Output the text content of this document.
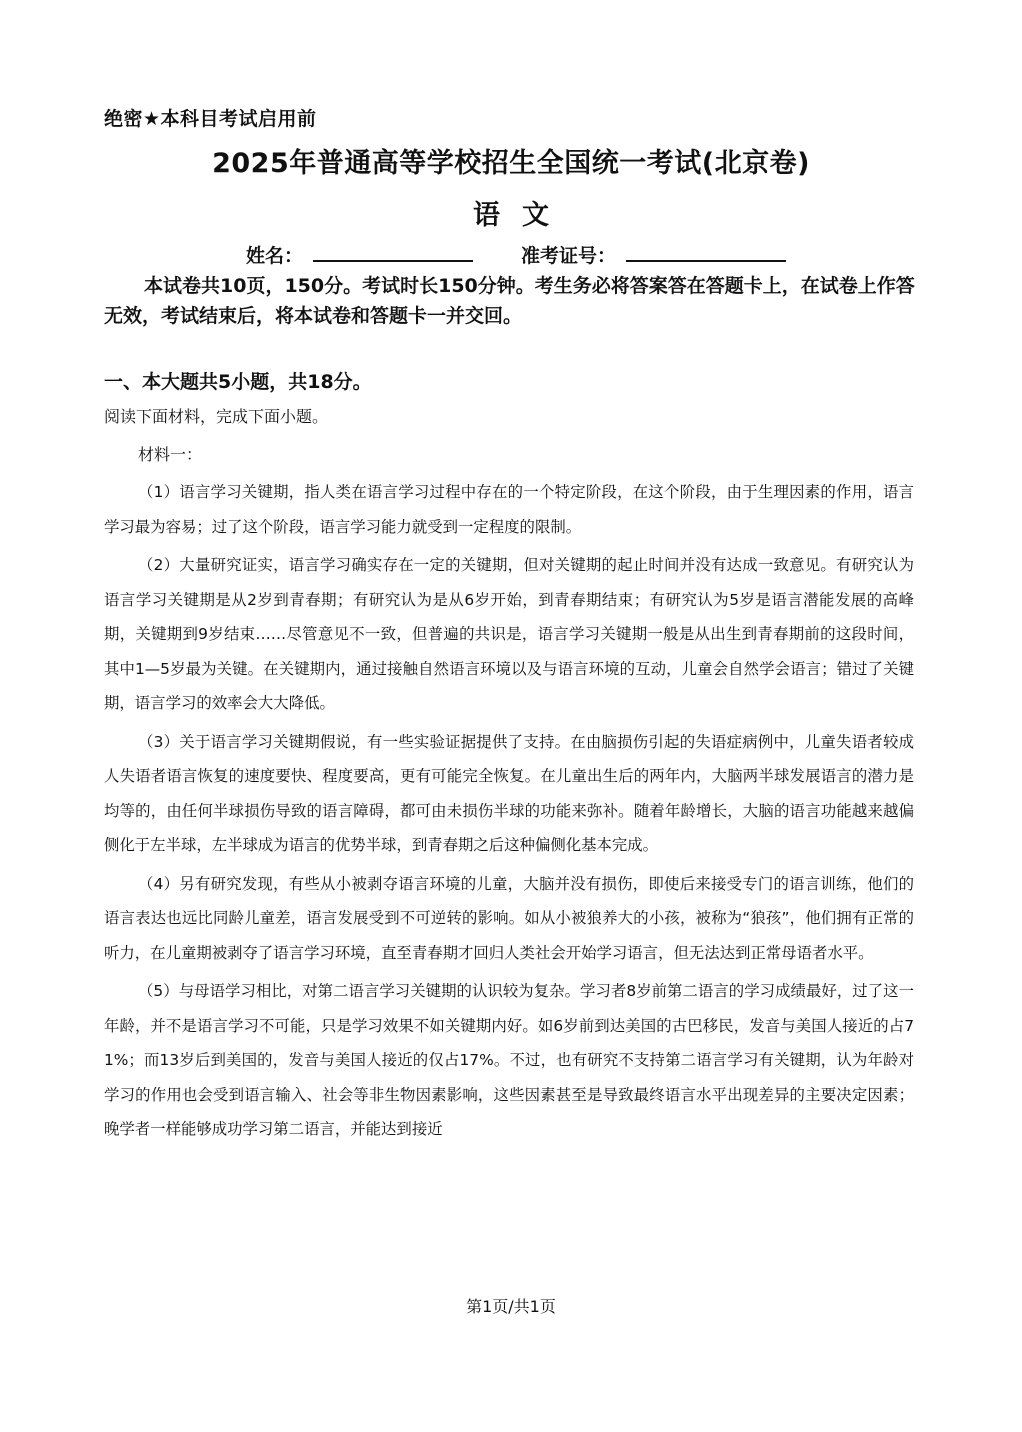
绝密★本科目考试启用前
2025年普通高等学校招生全国统一考试(北京卷)
语文
姓名：	准考证号：

本试卷共10页，150分。考试时长150分钟。考生务必将答案答在答题卡上，在试卷上作答无效，考试结束后，将本试卷和答题卡一并交回。

一、本大题共5小题，共18分。

阅读下面材料，完成下面小题。

材料一：

（1）语言学习关键期，指人类在语言学习过程中存在的一个特定阶段，在这个阶段，由于生理因素的作用，语言学习最为容易；过了这个阶段，语言学习能力就受到一定程度的限制。

（2）大量研究证实，语言学习确实存在一定的关键期，但对关键期的起止时间并没有达成一致意见。有研究认为语言学习关键期是从2岁到青春期；有研究认为是从6岁开始，到青春期结束；有研究认为5岁是语言潜能发展的高峰期，关键期到9岁结束……尽管意见不一致，但普遍的共识是，语言学习关键期一般是从出生到青春期前的这段时间，其中1—5岁最为关键。在关键期内，通过接触自然语言环境以及与语言环境的互动，儿童会自然学会语言；错过了关键期，语言学习的效率会大大降低。

（3）关于语言学习关键期假说，有一些实验证据提供了支持。在由脑损伤引起的失语症病例中，儿童失语者较成人失语者语言恢复的速度要快、程度要高，更有可能完全恢复。在儿童出生后的两年内，大脑两半球发展语言的潜力是均等的，由任何半球损伤导致的语言障碍，都可由未损伤半球的功能来弥补。随着年龄增长，大脑的语言功能越来越偏侧化于左半球，左半球成为语言的优势半球，到青春期之后这种偏侧化基本完成。

（4）另有研究发现，有些从小被剥夺语言环境的儿童，大脑并没有损伤，即使后来接受专门的语言训练，他们的语言表达也远比同龄儿童差，语言发展受到不可逆转的影响。如从小被狼养大的小孩，被称为“狼孩”，他们拥有正常的听力，在儿童期被剥夺了语言学习环境，直至青春期才回归人类社会开始学习语言，但无法达到正常母语者水平。

（5）与母语学习相比，对第二语言学习关键期的认识较为复杂。学习者8岁前第二语言的学习成绩最好，过了这一年龄，并不是语言学习不可能，只是学习效果不如关键期内好。如6岁前到达美国的古巴移民，发音与美国人接近的占71%；而13岁后到美国的，发音与美国人接近的仅占17%。不过，也有研究不支持第二语言学习有关键期，认为年龄对学习的作用也会受到语言输入、社会等非生物因素影响，这些因素甚至是导致最终语言水平出现差异的主要决定因素；晚学者一样能够成功学习第二语言，并能达到接近

第1页/共1页
